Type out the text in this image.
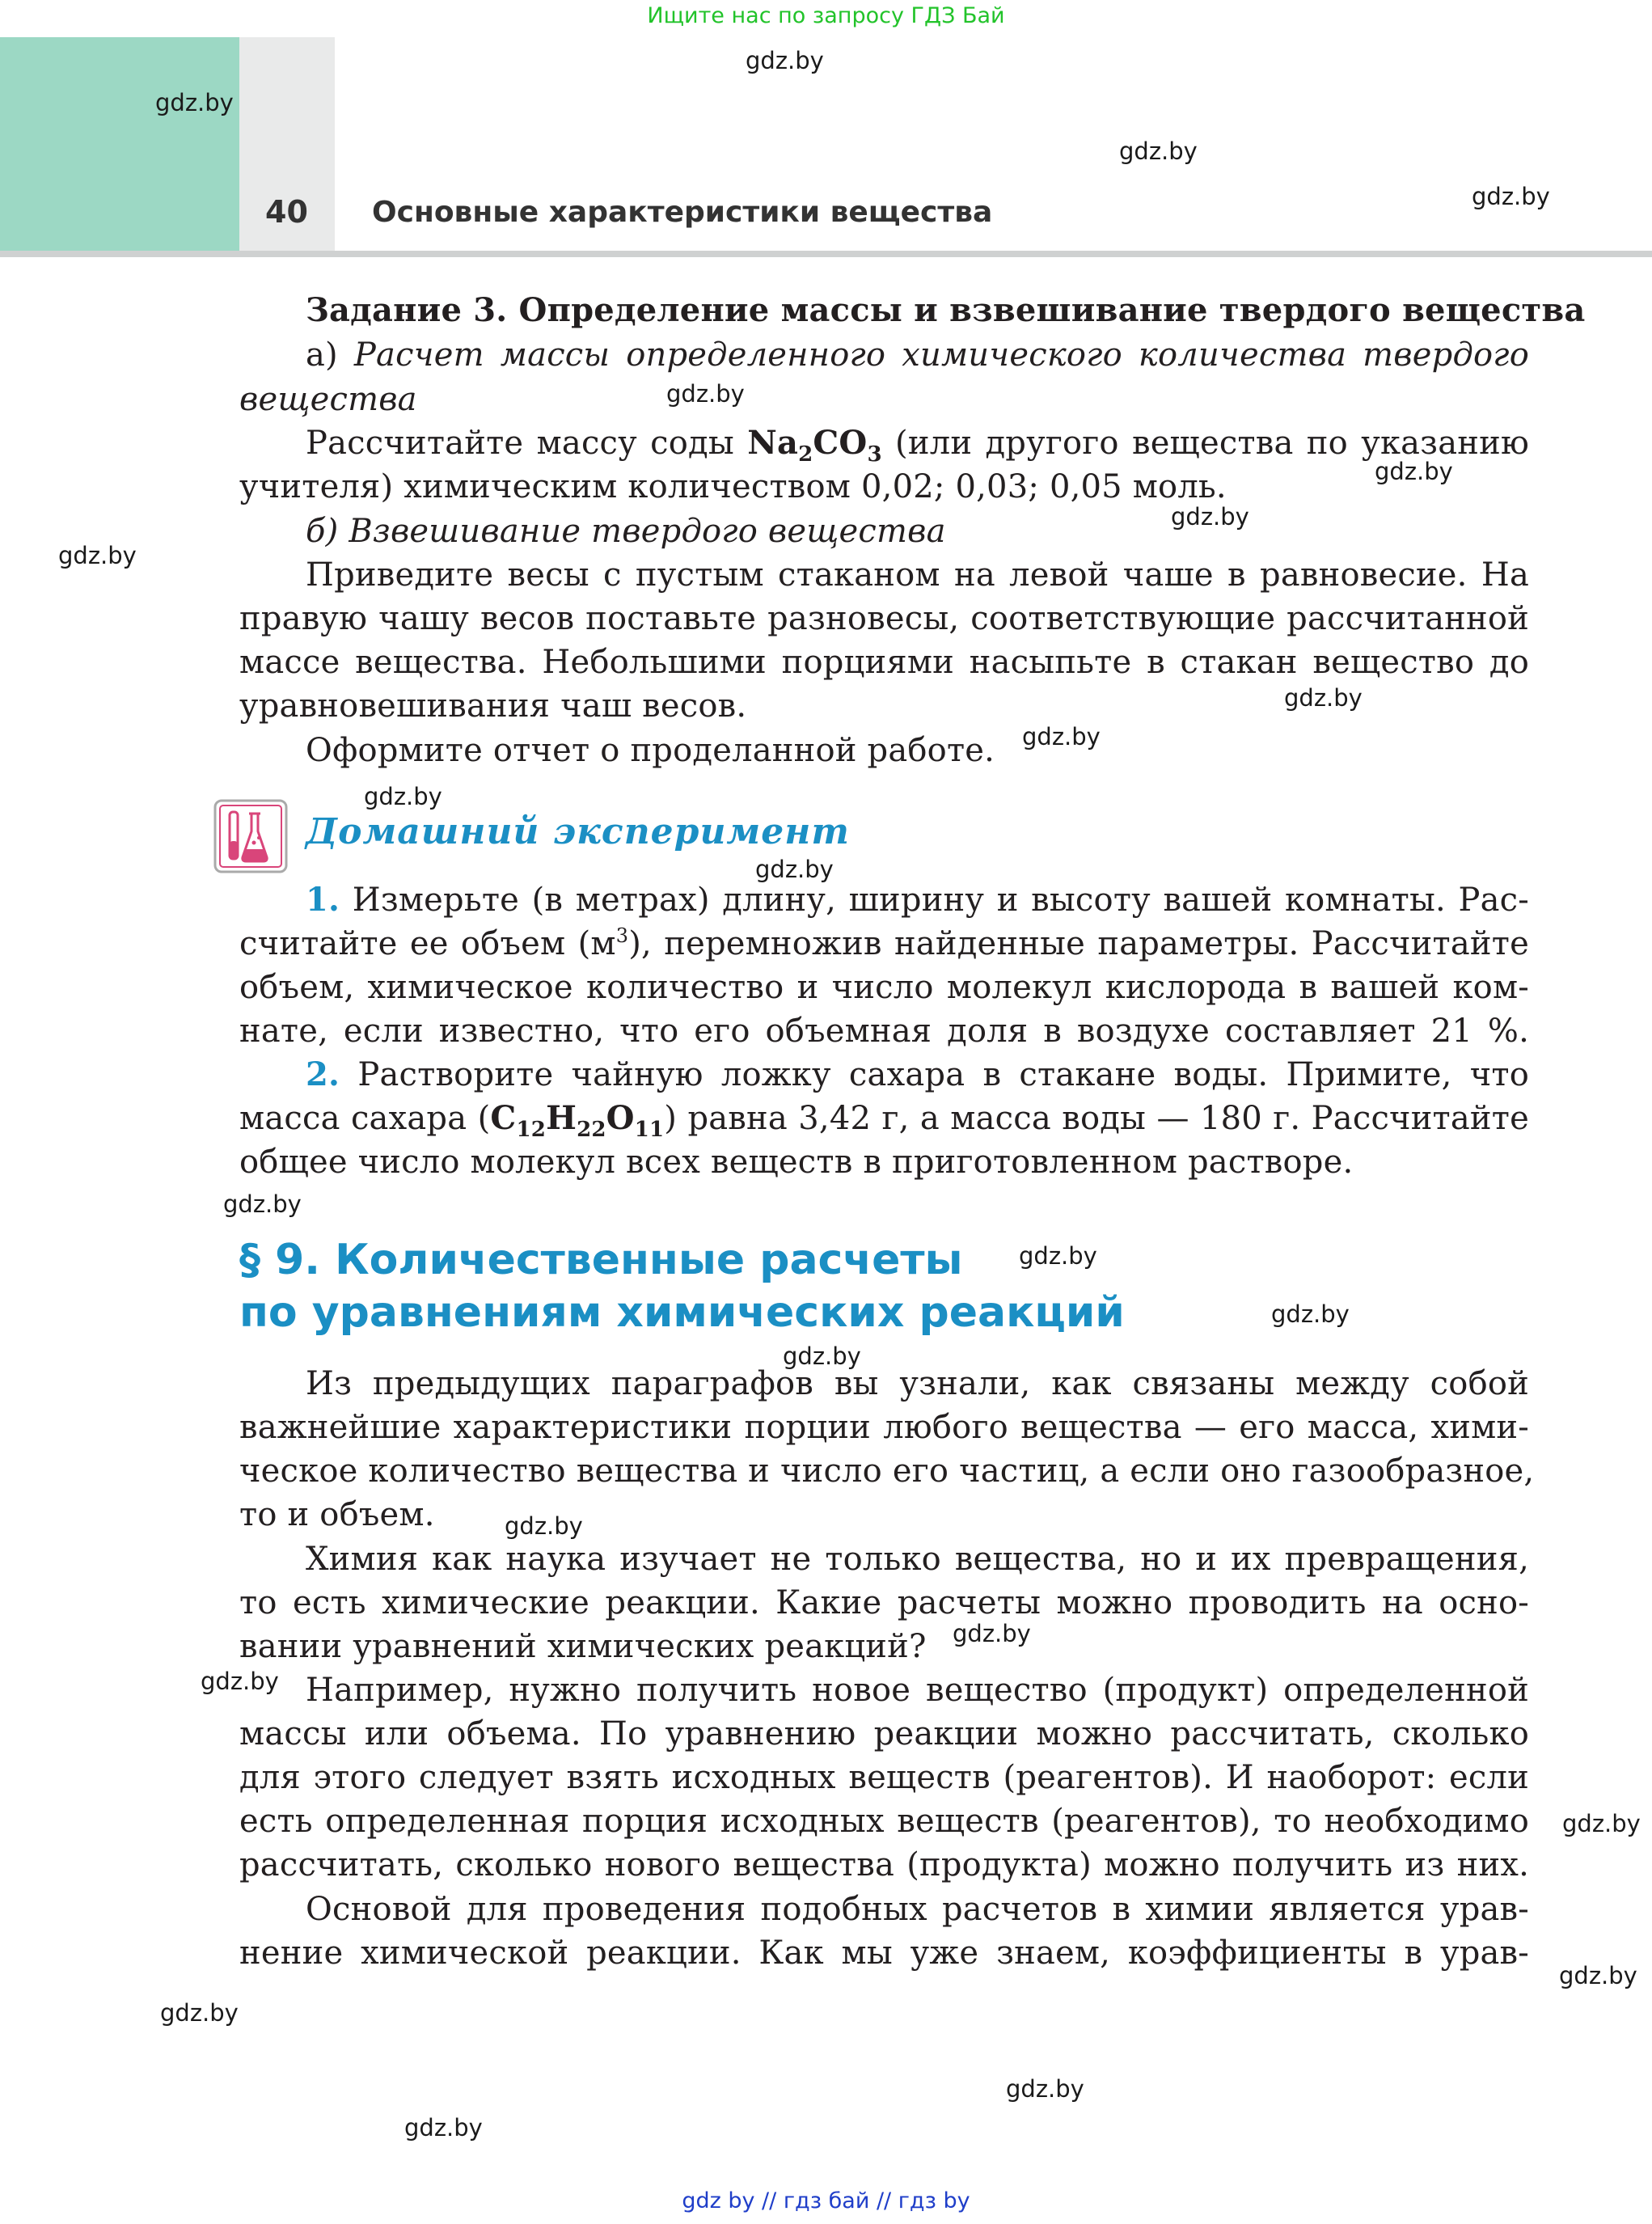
Ищите нас по запросу ГДЗ Бай
40 Основные характеристики вещества
gdz.by
gdz.by
gdz.by
gdz.by
gdz.by
gdz.by
gdz.by
gdz.by
gdz.by
gdz.by
gdz.by
gdz.by
gdz.by
gdz.by
gdz.by
gdz.by
gdz.by
gdz.by
gdz.by
gdz.by
gdz.by
gdz.by
gdz.by
gdz.by
Задание 3. Определение массы и взвешивание твердого вещества
а) Расчет массы определенного химического количества твердого
вещества
Рассчитайте массу соды $Na_2CO_3$ (или другого вещества по указанию
учителя) химическим количеством 0,02; 0,03; 0,05 моль.
б) Взвешивание твердого вещества
Приведите весы с пустым стаканом на левой чаше в равновесие. На
правую чашу весов поставьте разновесы, соответствующие рассчитанной
массе вещества. Небольшими порциями насыпьте в стакан вещество до
уравновешивания чаш весов.
Оформите отчет о проделанной работе.
Домашний эксперимент
1. Измерьте (в метрах) длину, ширину и высоту вашей комнаты. Рас-
считайте ее объем $(м^3)$, перемножив найденные параметры. Рассчитайте
объем, химическое количество и число молекул кислорода в вашей ком-
нате, если известно, что его объемная доля в воздухе составляет 21 %.
2. Растворите чайную ложку сахара в стакане воды. Примите, что
масса сахара $(C_{12}H_{22}O_{11})$ равна 3,42 г, а масса воды — 180 г. Рассчитайте
общее число молекул всех веществ в приготовленном растворе.
§ 9. Количественные расчеты
по уравнениям химических реакций
Из предыдущих параграфов вы узнали, как связаны между собой
важнейшие характеристики порции любого вещества — его масса, хими-
ческое количество вещества и число его частиц, а если оно газообразное,
то и объем.
Химия как наука изучает не только вещества, но и их превращения,
то есть химические реакции. Какие расчеты можно проводить на осно-
вании уравнений химических реакций?
Например, нужно получить новое вещество (продукт) определенной
массы или объема. По уравнению реакции можно рассчитать, сколько
для этого следует взять исходных веществ (реагентов). И наоборот: если
есть определенная порция исходных веществ (реагентов), то необходимо
рассчитать, сколько нового вещества (продукта) можно получить из них.
Основой для проведения подобных расчетов в химии является урав-
нение химической реакции. Как мы уже знаем, коэффициенты в урав-
gdz by // гдз бай // гдз by
